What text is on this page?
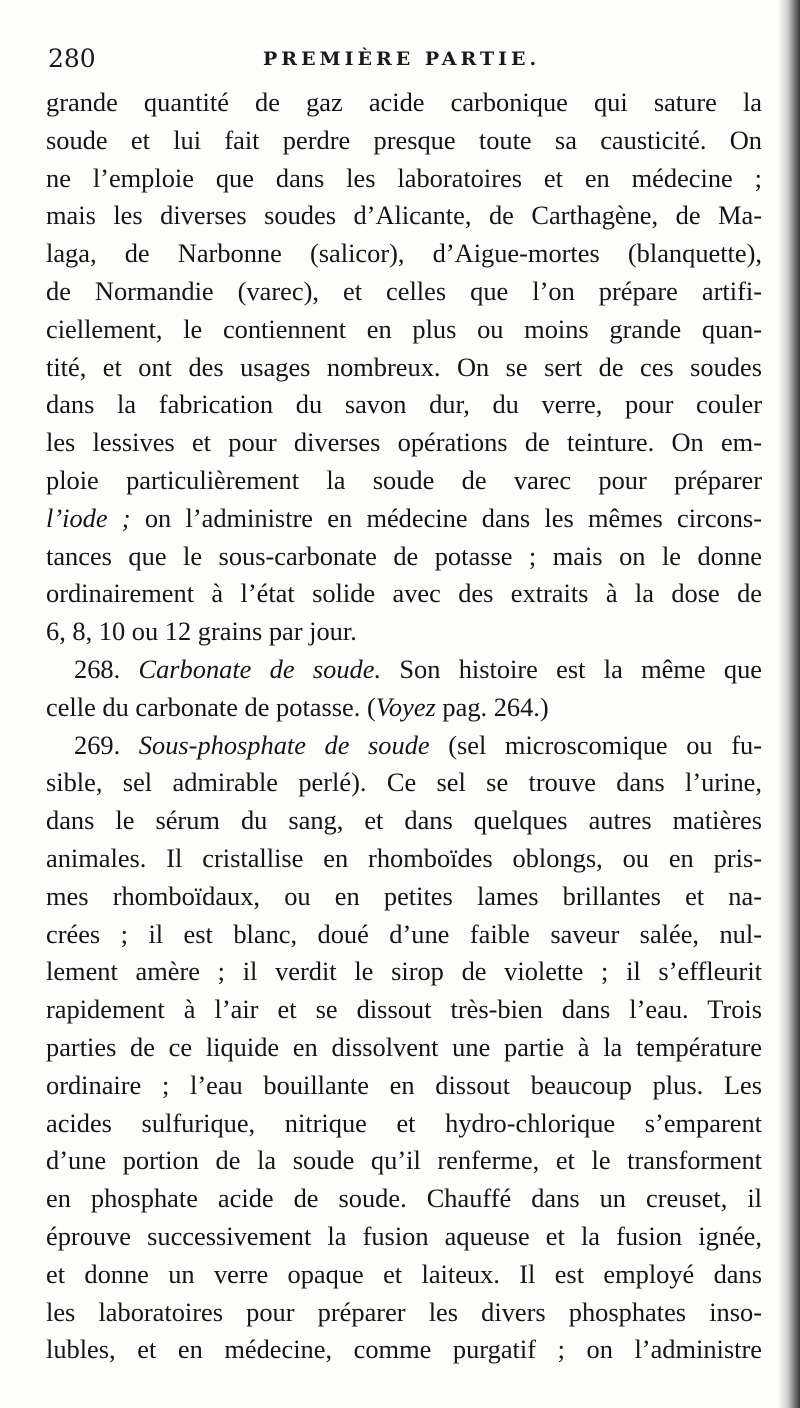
280	PREMIÈRE PARTIE.
grande quantité de gaz acide carbonique qui sature la
soude et lui fait perdre presque toute sa causticité. On
ne l’emploie que dans les laboratoires et en médecine ;
mais les diverses soudes d’Alicante, de Carthagène, de Ma-
laga, de Narbonne (salicor), d’Aigue-mortes (blanquette),
de Normandie (varec), et celles que l’on prépare artifi-
ciellement, le contiennent en plus ou moins grande quan-
tité, et ont des usages nombreux. On se sert de ces soudes
dans la fabrication du savon dur, du verre, pour couler
les lessives et pour diverses opérations de teinture. On em-
ploie particulièrement la soude de varec pour préparer
l’iode ; on l’administre en médecine dans les mêmes circons-
tances que le sous-carbonate de potasse ; mais on le donne
ordinairement à l’état solide avec des extraits à la dose de
6, 8, 10 ou 12 grains par jour.
268. Carbonate de soude. Son histoire est la même que
celle du carbonate de potasse. (Voyez pag. 264.)
269. Sous-phosphate de soude (sel microscomique ou fu-
sible, sel admirable perlé). Ce sel se trouve dans l’urine,
dans le sérum du sang, et dans quelques autres matières
animales. Il cristallise en rhomboïdes oblongs, ou en pris-
mes rhomboïdaux, ou en petites lames brillantes et na-
crées ; il est blanc, doué d’une faible saveur salée, nul-
lement amère ; il verdit le sirop de violette ; il s’effleurit
rapidement à l’air et se dissout très-bien dans l’eau. Trois
parties de ce liquide en dissolvent une partie à la température
ordinaire ; l’eau bouillante en dissout beaucoup plus. Les
acides sulfurique, nitrique et hydro-chlorique s’emparent
d’une portion de la soude qu’il renferme, et le transforment
en phosphate acide de soude. Chauffé dans un creuset, il
éprouve successivement la fusion aqueuse et la fusion ignée,
et donne un verre opaque et laiteux. Il est employé dans
les laboratoires pour préparer les divers phosphates inso-
lubles, et en médecine, comme purgatif ; on l’administre
